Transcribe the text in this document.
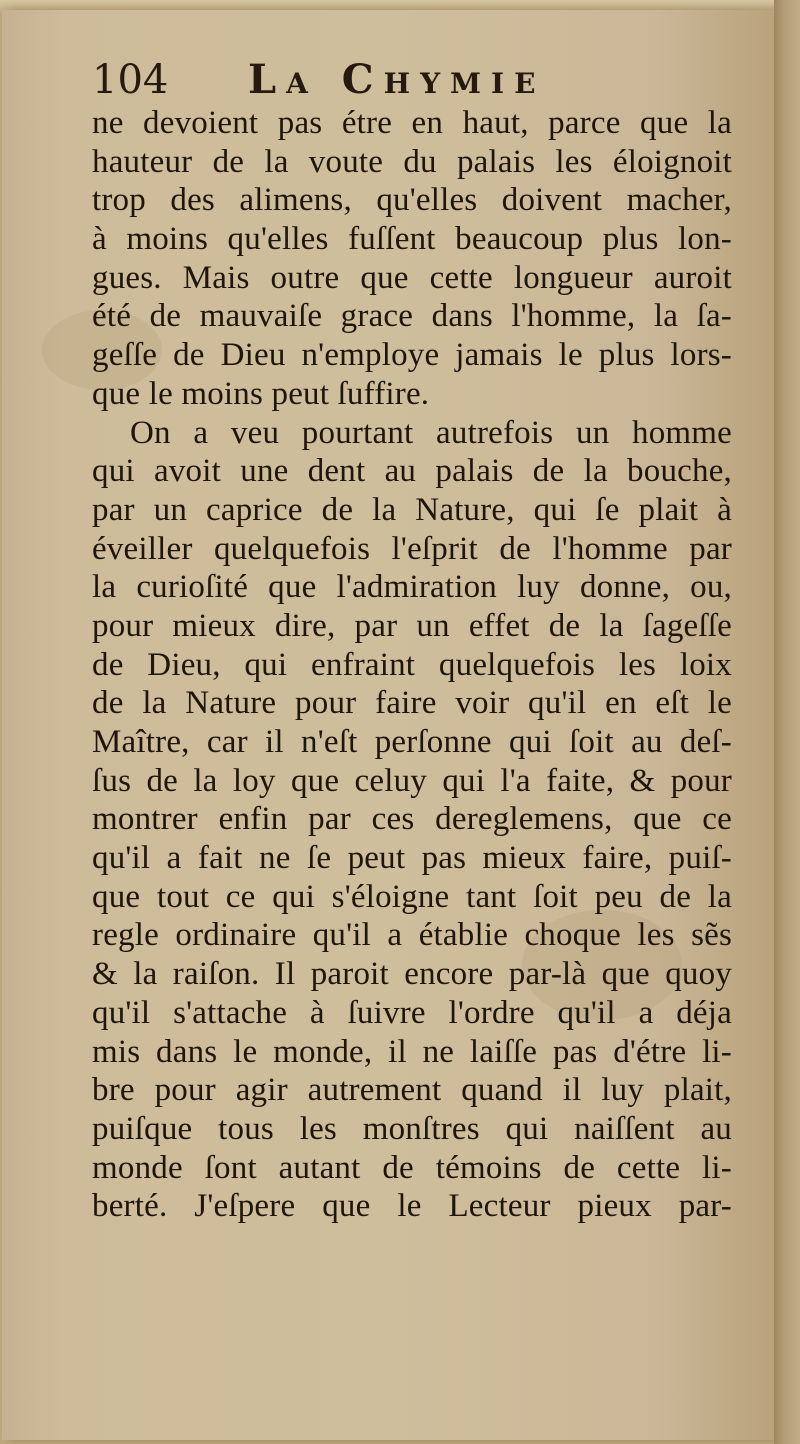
104 La Chymie
ne devoient pas étre en haut, parce que la
hauteur de la voute du palais les éloignoit
trop des alimens, qu'elles doivent macher,
à moins qu'elles fuſſent beaucoup plus lon-
gues. Mais outre que cette longueur auroit
été de mauvaiſe grace dans l'homme, la ſa-
geſſe de Dieu n'employe jamais le plus lors-
que le moins peut ſuffire.
On a veu pourtant autrefois un homme
qui avoit une dent au palais de la bouche,
par un caprice de la Nature, qui ſe plait à
éveiller quelquefois l'eſprit de l'homme par
la curioſité que l'admiration luy donne, ou,
pour mieux dire, par un effet de la ſageſſe
de Dieu, qui enfraint quelquefois les loix
de la Nature pour faire voir qu'il en eſt le
Maître, car il n'eſt perſonne qui ſoit au deſ-
ſus de la loy que celuy qui l'a faite, & pour
montrer enfin par ces dereglemens, que ce
qu'il a fait ne ſe peut pas mieux faire, puiſ-
que tout ce qui s'éloigne tant ſoit peu de la
regle ordinaire qu'il a établie choque les sẽs
& la raiſon. Il paroit encore par-là que quoy
qu'il s'attache à ſuivre l'ordre qu'il a déja
mis dans le monde, il ne laiſſe pas d'étre li-
bre pour agir autrement quand il luy plait,
puiſque tous les monſtres qui naiſſent au
monde ſont autant de témoins de cette li-
berté. J'eſpere que le Lecteur pieux par-
